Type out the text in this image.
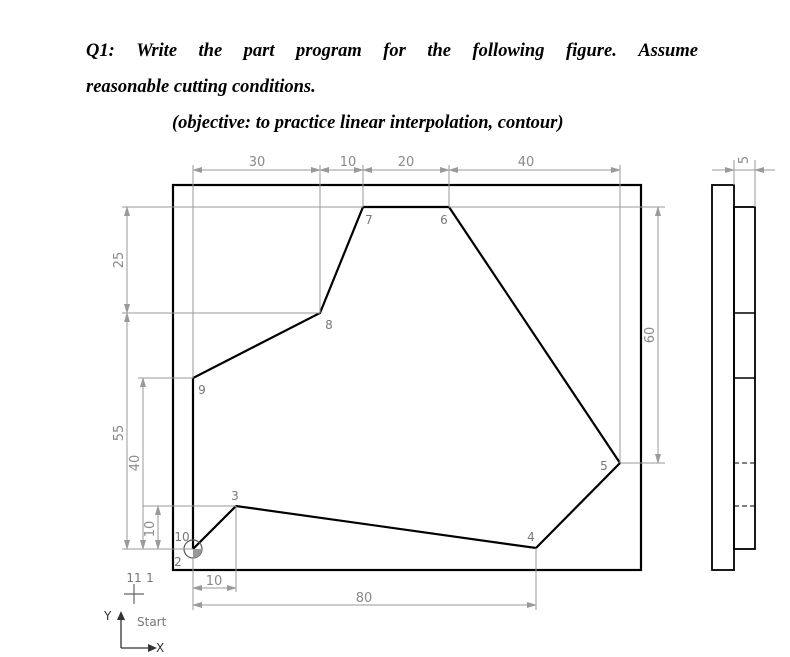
Q1: Write the part program for the following figure. Assume
reasonable cutting conditions.
(objective: to practice linear interpolation, contour)
30	10	20	40
25
55
40
10
60
10
80
1
2
3
4
5
6
7
8
9
10
11
Y
X
Start
5
